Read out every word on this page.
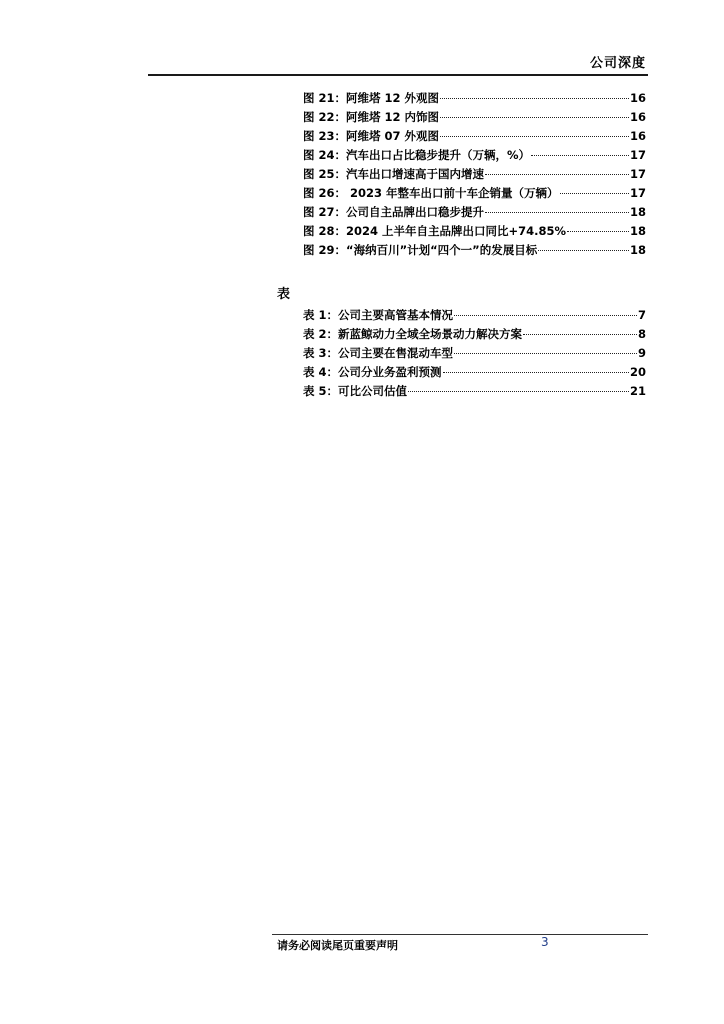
公司深度
图 21：阿维塔 12 外观图	16
图 22：阿维塔 12 内饰图	16
图 23：阿维塔 07 外观图	16
图 24：汽车出口占比稳步提升（万辆，%）	17
图 25：汽车出口增速高于国内增速	17
图 26： 2023 年整车出口前十车企销量（万辆）	17
图 27：公司自主品牌出口稳步提升	18
图 28：2024 上半年自主品牌出口同比+74.85%	18
图 29：“海纳百川”计划“四个一”的发展目标	18
表
表 1：公司主要高管基本情况	7
表 2：新蓝鲸动力全域全场景动力解决方案	8
表 3：公司主要在售混动车型	9
表 4：公司分业务盈利预测	20
表 5：可比公司估值	21
请务必阅读尾页重要声明	3
